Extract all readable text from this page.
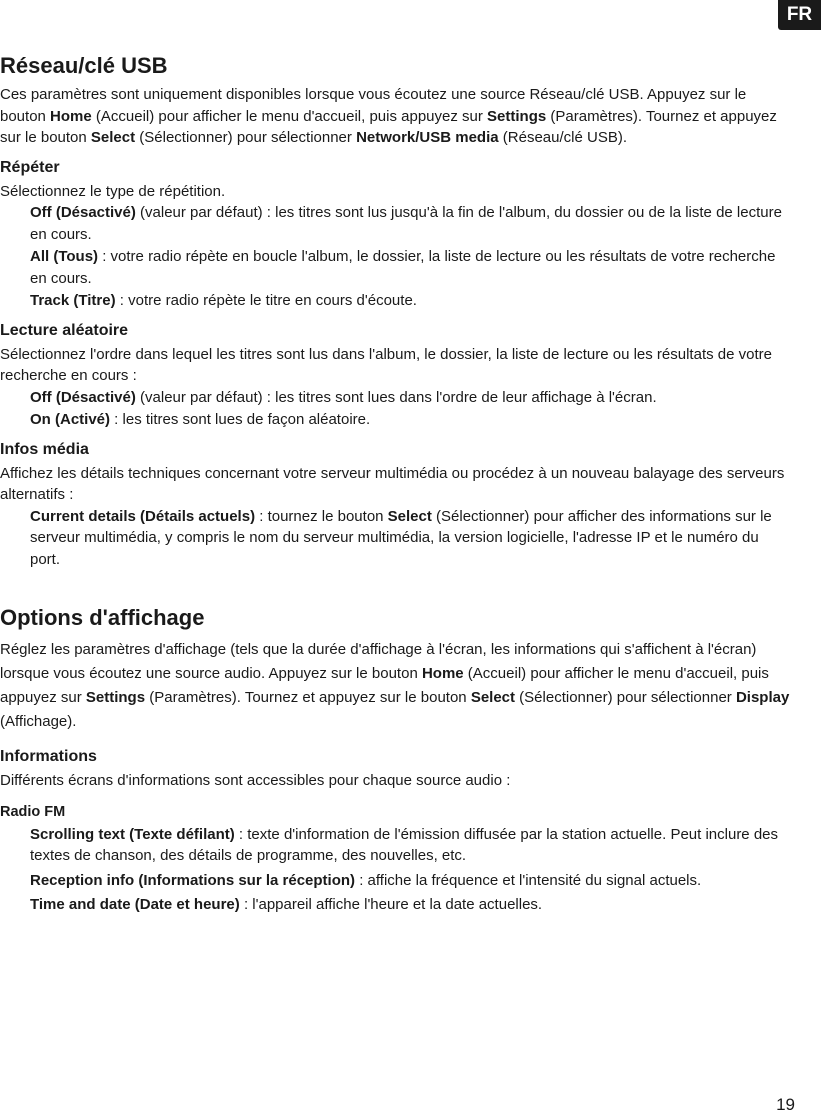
FR
Réseau/clé USB

Ces paramètres sont uniquement disponibles lorsque vous écoutez une source Réseau/clé USB. Appuyez sur le bouton Home (Accueil) pour afficher le menu d'accueil, puis appuyez sur Settings (Paramètres). Tournez et appuyez sur le bouton Select (Sélectionner) pour sélectionner Network/USB media (Réseau/clé USB).

Répéter

Sélectionnez le type de répétition.

Off (Désactivé) (valeur par défaut) : les titres sont lus jusqu'à la fin de l'album, du dossier ou de la liste de lecture en cours.

All (Tous) : votre radio répète en boucle l'album, le dossier, la liste de lecture ou les résultats de votre recherche en cours.

Track (Titre) : votre radio répète le titre en cours d'écoute.

Lecture aléatoire

Sélectionnez l'ordre dans lequel les titres sont lus dans l'album, le dossier, la liste de lecture ou les résultats de votre recherche en cours :

Off (Désactivé) (valeur par défaut) : les titres sont lues dans l'ordre de leur affichage à l'écran.

On (Activé) : les titres sont lues de façon aléatoire.

Infos média

Affichez les détails techniques concernant votre serveur multimédia ou procédez à un nouveau balayage des serveurs alternatifs :

Current details (Détails actuels) : tournez le bouton Select (Sélectionner) pour afficher des informations sur le serveur multimédia, y compris le nom du serveur multimédia, la version logicielle, l'adresse IP et le numéro du port.

Options d'affichage

Réglez les paramètres d'affichage (tels que la durée d'affichage à l'écran, les informations qui s'affichent à l'écran) lorsque vous écoutez une source audio. Appuyez sur le bouton Home (Accueil) pour afficher le menu d'accueil, puis appuyez sur Settings (Paramètres). Tournez et appuyez sur le bouton Select (Sélectionner) pour sélectionner Display (Affichage).

Informations

Différents écrans d'informations sont accessibles pour chaque source audio :

Radio FM

Scrolling text (Texte défilant) : texte d'information de l'émission diffusée par la station actuelle. Peut inclure des textes de chanson, des détails de programme, des nouvelles, etc.

Reception info (Informations sur la réception) : affiche la fréquence et l'intensité du signal actuels.

Time and date (Date et heure) : l'appareil affiche l'heure et la date actuelles.

19
